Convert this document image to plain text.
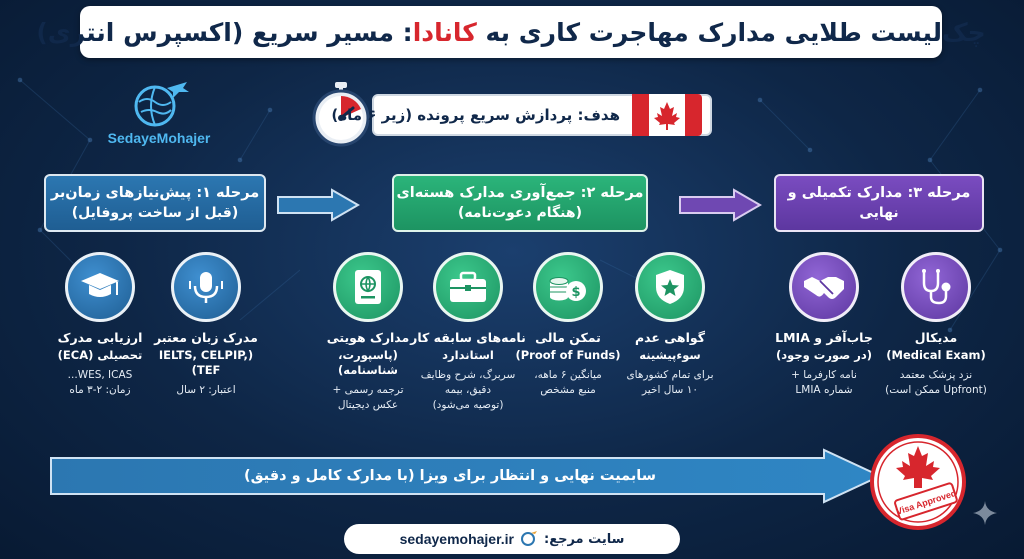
چک‌لیست طلایی مدارک مهاجرت کاری به کانادا: مسیر سریع (اکسپرس انتری)
SedayeMohajer
هدف: پردازش سریع پرونده (زیر ۶ ماه)
مرحله ۱: پیش‌نیازهای زمان‌بر
(قبل از ساخت پروفایل)
مرحله ۲: جمع‌آوری مدارک هسته‌ای
(هنگام دعوت‌نامه)
مرحله ۳: مدارک تکمیلی و
نهایی
مدرک زبان معتبر
(IELTS, CELPIP, TEF)
اعتبار: ۲ سال
ارزیابی مدرک
تحصیلی (ECA)
WES, ICAS...
زمان: ۲-۳ ماه
گواهی عدم
سوءپیشینه
برای تمام کشورهای
۱۰ سال اخیر
$
تمکن مالی
(Proof of Funds)
میانگین ۶ ماهه،
منبع مشخص
نامه‌های سابقه کار
استاندارد
سربرگ، شرح وظایف
دقیق، بیمه
(توصیه می‌شود)
مدارک هویتی
(پاسپورت، شناسنامه)
ترجمه رسمی +
عکس دیجیتال
مدیکال
(Medical Exam)
نزد پزشک معتمد
(Upfront ممکن است)
جاب‌آفر و LMIA
(در صورت وجود)
نامه کارفرما +
شماره LMIA
سابمیت نهایی و انتظار برای ویزا (با مدارک کامل و دقیق)
Visa Approved
سایت مرجع:
sedayemohajer.ir
